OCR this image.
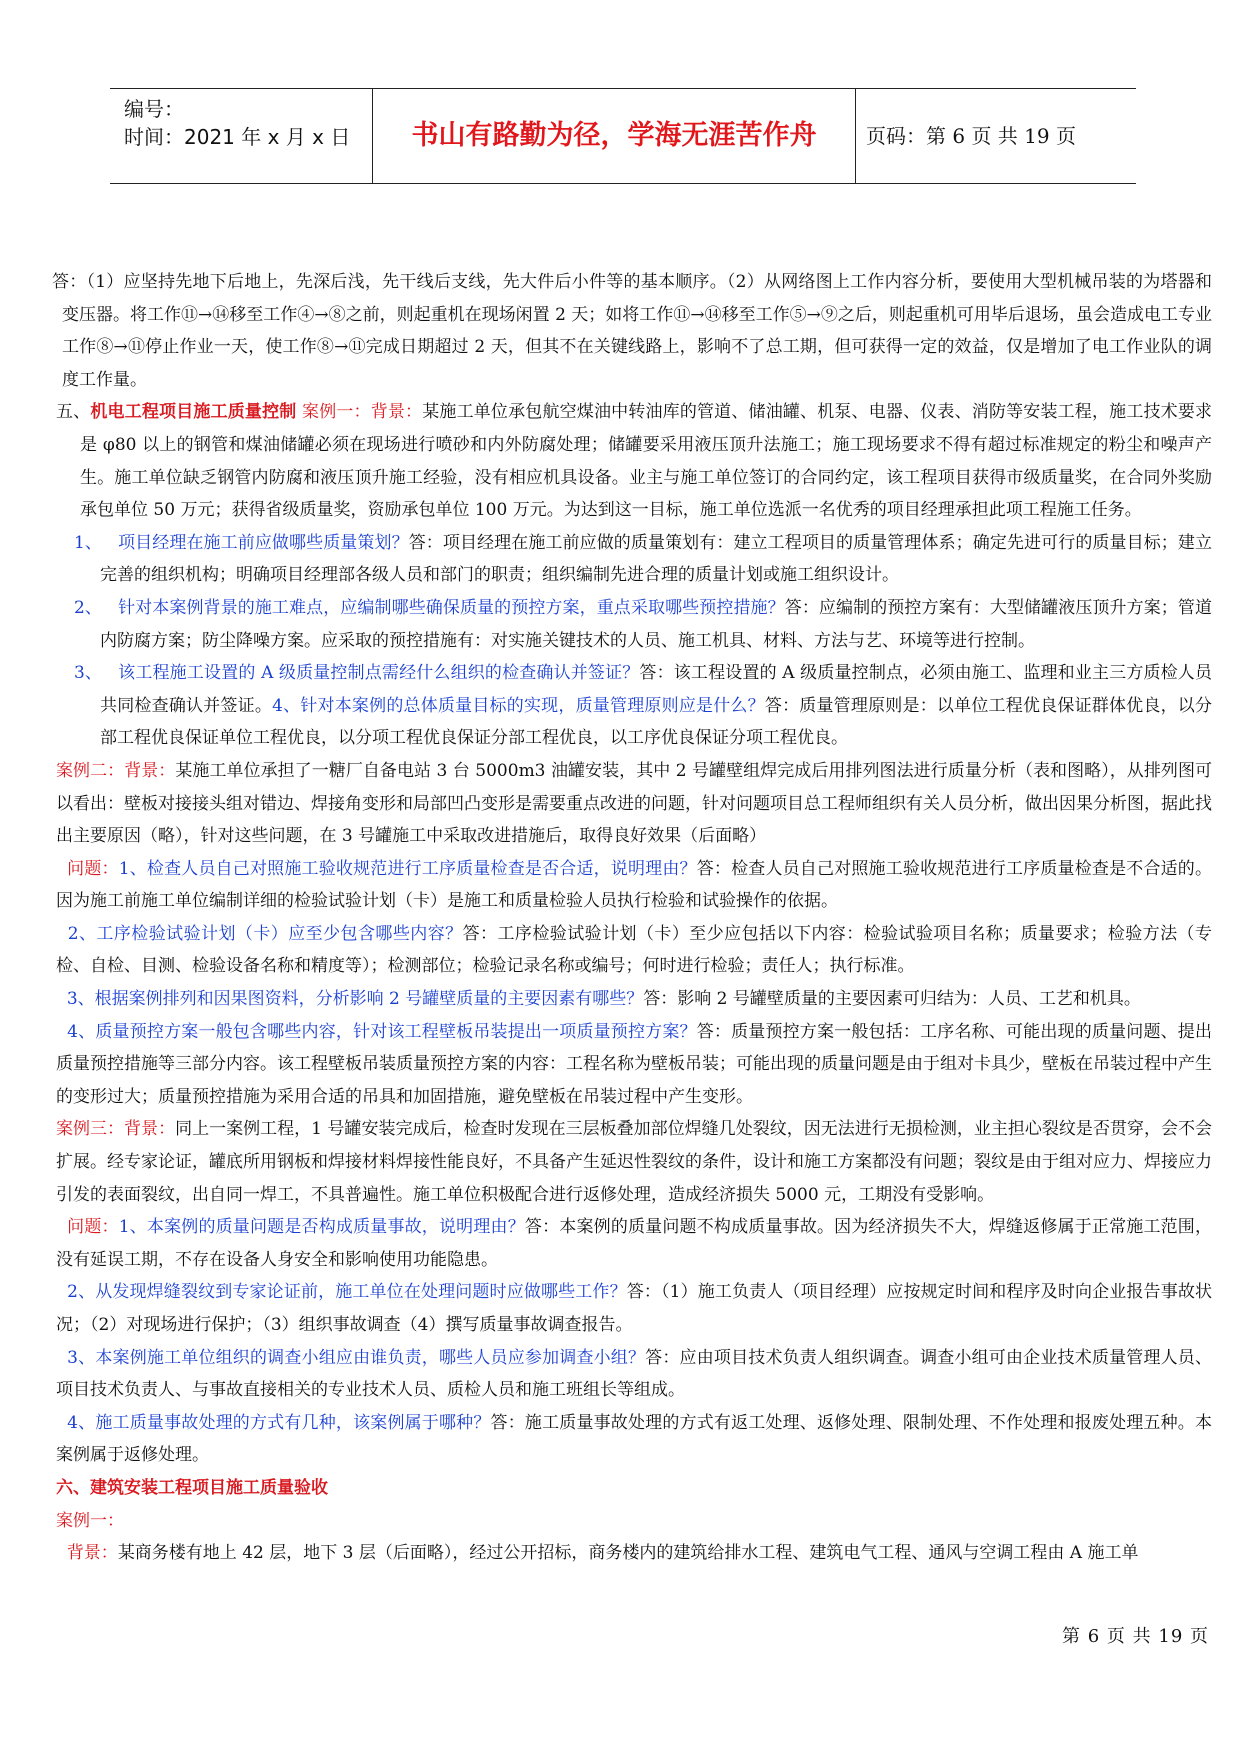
编号：
时间：2021 年 x 月 x 日	书山有路勤为径，学海无涯苦作舟	页码：第 6 页 共 19 页

答：（1）应坚持先地下后地上，先深后浅，先干线后支线，先大件后小件等的基本顺序。（2）从网络图上工作内容分析，要使用大型机械吊装的为塔器和变压器。将工作⑪→⑭移至工作④→⑧之前，则起重机在现场闲置 2 天；如将工作⑪→⑭移至工作⑤→⑨之后，则起重机可用毕后退场，虽会造成电工专业工作⑧→⑪停止作业一天，使工作⑧→⑪完成日期超过 2 天，但其不在关键线路上，影响不了总工期，但可获得一定的效益，仅是增加了电工作业队的调度工作量。

五、机电工程项目施工质量控制 案例一：背景：某施工单位承包航空煤油中转油库的管道、储油罐、机泵、电器、仪表、消防等安装工程，施工技术要求是 φ80 以上的钢管和煤油储罐必须在现场进行喷砂和内外防腐处理；储罐要采用液压顶升法施工；施工现场要求不得有超过标准规定的粉尘和噪声产生。施工单位缺乏钢管内防腐和液压顶升施工经验，没有相应机具设备。业主与施工单位签订的合同约定，该工程项目获得市级质量奖，在合同外奖励承包单位 50 万元；获得省级质量奖，资励承包单位 100 万元。为达到这一目标，施工单位选派一名优秀的项目经理承担此项工程施工任务。

1、 项目经理在施工前应做哪些质量策划？答：项目经理在施工前应做的质量策划有：建立工程项目的质量管理体系；确定先进可行的质量目标；建立完善的组织机构；明确项目经理部各级人员和部门的职责；组织编制先进合理的质量计划或施工组织设计。

2、 针对本案例背景的施工难点，应编制哪些确保质量的预控方案，重点采取哪些预控措施？答：应编制的预控方案有：大型储罐液压顶升方案；管道内防腐方案；防尘降噪方案。应采取的预控措施有：对实施关键技术的人员、施工机具、材料、方法与艺、环境等进行控制。

3、 该工程施工设置的 A 级质量控制点需经什么组织的检查确认并签证？答：该工程设置的 A 级质量控制点，必须由施工、监理和业主三方质检人员共同检查确认并签证。4、针对本案例的总体质量目标的实现，质量管理原则应是什么？答：质量管理原则是：以单位工程优良保证群体优良，以分部工程优良保证单位工程优良，以分项工程优良保证分部工程优良，以工序优良保证分项工程优良。

案例二：背景：某施工单位承担了一糖厂自备电站 3 台 5000m3 油罐安装，其中 2 号罐壁组焊完成后用排列图法进行质量分析（表和图略），从排列图可以看出：壁板对接接头组对错边、焊接角变形和局部凹凸变形是需要重点改进的问题，针对问题项目总工程师组织有关人员分析，做出因果分析图，据此找出主要原因（略），针对这些问题，在 3 号罐施工中采取改进措施后，取得良好效果（后面略）

问题：1、检查人员自己对照施工验收规范进行工序质量检查是否合适，说明理由？答：检查人员自己对照施工验收规范进行工序质量检查是不合适的。因为施工前施工单位编制详细的检验试验计划（卡）是施工和质量检验人员执行检验和试验操作的依据。

2、工序检验试验计划（卡）应至少包含哪些内容？答：工序检验试验计划（卡）至少应包括以下内容：检验试验项目名称；质量要求；检验方法（专检、自检、目测、检验设备名称和精度等）；检测部位；检验记录名称或编号；何时进行检验；责任人；执行标准。

3、根据案例排列和因果图资料，分析影响 2 号罐壁质量的主要因素有哪些？答：影响 2 号罐壁质量的主要因素可归结为：人员、工艺和机具。

4、质量预控方案一般包含哪些内容，针对该工程壁板吊装提出一项质量预控方案？答：质量预控方案一般包括：工序名称、可能出现的质量问题、提出质量预控措施等三部分内容。该工程壁板吊装质量预控方案的内容：工程名称为壁板吊装；可能出现的质量问题是由于组对卡具少，壁板在吊装过程中产生的变形过大；质量预控措施为采用合适的吊具和加固措施，避免壁板在吊装过程中产生变形。

案例三：背景：同上一案例工程，1 号罐安装完成后，检查时发现在三层板叠加部位焊缝几处裂纹，因无法进行无损检测，业主担心裂纹是否贯穿，会不会扩展。经专家论证，罐底所用钢板和焊接材料焊接性能良好，不具备产生延迟性裂纹的条件，设计和施工方案都没有问题；裂纹是由于组对应力、焊接应力引发的表面裂纹，出自同一焊工，不具普遍性。施工单位积极配合进行返修处理，造成经济损失 5000 元，工期没有受影响。

问题：1、本案例的质量问题是否构成质量事故，说明理由？答：本案例的质量问题不构成质量事故。因为经济损失不大，焊缝返修属于正常施工范围，没有延误工期，不存在设备人身安全和影响使用功能隐患。

2、从发现焊缝裂纹到专家论证前，施工单位在处理问题时应做哪些工作？答：（1）施工负责人（项目经理）应按规定时间和程序及时向企业报告事故状况；（2）对现场进行保护；（3）组织事故调查（4）撰写质量事故调查报告。

3、本案例施工单位组织的调查小组应由谁负责，哪些人员应参加调查小组？答：应由项目技术负责人组织调查。调查小组可由企业技术质量管理人员、项目技术负责人、与事故直接相关的专业技术人员、质检人员和施工班组长等组成。

4、施工质量事故处理的方式有几种，该案例属于哪种？答：施工质量事故处理的方式有返工处理、返修处理、限制处理、不作处理和报废处理五种。本案例属于返修处理。

六、建筑安装工程项目施工质量验收

案例一：

背景：某商务楼有地上 42 层，地下 3 层（后面略），经过公开招标，商务楼内的建筑给排水工程、建筑电气工程、通风与空调工程由 A 施工单

第 6 页 共 19 页
